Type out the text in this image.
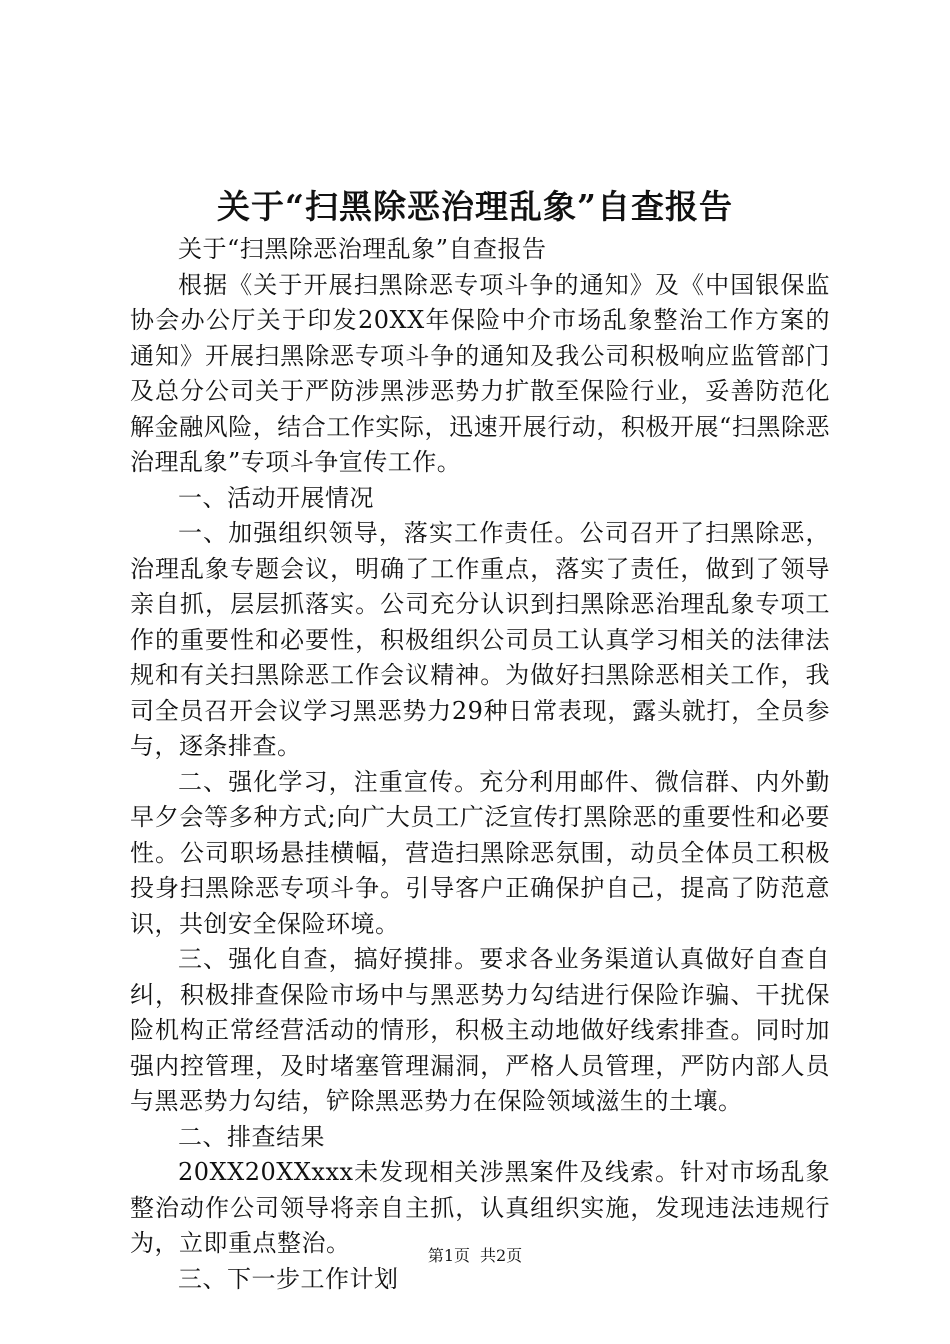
关于“扫黑除恶治理乱象”自查报告

关于“扫黑除恶治理乱象”自查报告

根据《关于开展扫黑除恶专项斗争的通知》及《中国银保监协会办公厅关于印发20XX年保险中介市场乱象整治工作方案的通知》开展扫黑除恶专项斗争的通知及我公司积极响应监管部门及总分公司关于严防涉黑涉恶势力扩散至保险行业，妥善防范化解金融风险，结合工作实际，迅速开展行动，积极开展“扫黑除恶治理乱象”专项斗争宣传工作。

一、活动开展情况

一、加强组织领导，落实工作责任。公司召开了扫黑除恶，治理乱象专题会议，明确了工作重点，落实了责任，做到了领导亲自抓，层层抓落实。公司充分认识到扫黑除恶治理乱象专项工作的重要性和必要性，积极组织公司员工认真学习相关的法律法规和有关扫黑除恶工作会议精神。为做好扫黑除恶相关工作，我司全员召开会议学习黑恶势力29种日常表现，露头就打，全员参与，逐条排查。

二、强化学习，注重宣传。充分利用邮件、微信群、内外勤早夕会等多种方式;向广大员工广泛宣传打黑除恶的重要性和必要性。公司职场悬挂横幅，营造扫黑除恶氛围，动员全体员工积极投身扫黑除恶专项斗争。引导客户正确保护自己，提高了防范意识，共创安全保险环境。

三、强化自查，搞好摸排。要求各业务渠道认真做好自查自纠，积极排查保险市场中与黑恶势力勾结进行保险诈骗、干扰保险机构正常经营活动的情形，积极主动地做好线索排查。同时加强内控管理，及时堵塞管理漏洞，严格人员管理，严防内部人员与黑恶势力勾结，铲除黑恶势力在保险领域滋生的土壤。

二、排查结果

20XX20XXxxx未发现相关涉黑案件及线索。针对市场乱象整治动作公司领导将亲自主抓，认真组织实施，发现违法违规行为，立即重点整治。

三、下一步工作计划

第1页 共2页
